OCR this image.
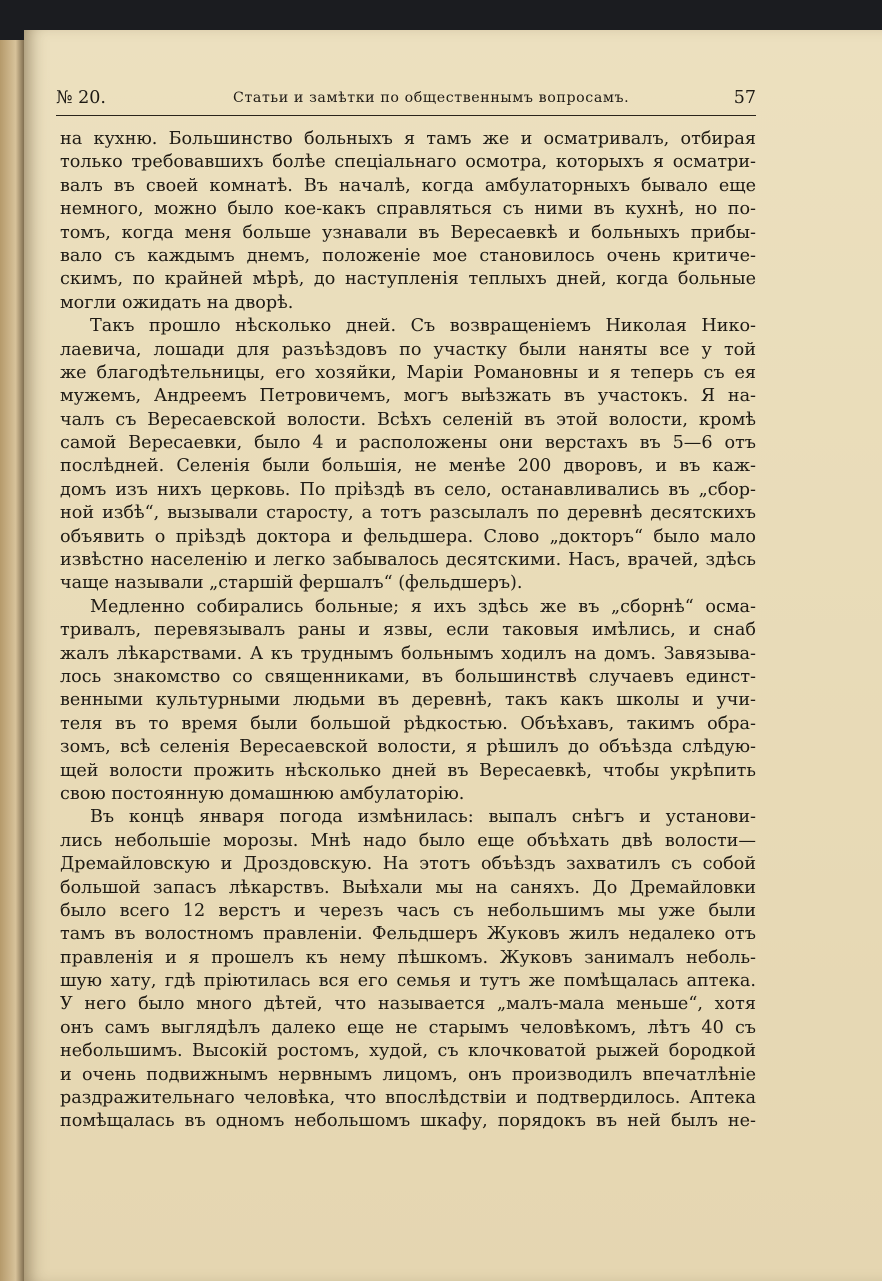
№ 20.	Статьи и замѣтки по общественнымъ вопросамъ.	57
на кухню. Большинство больныхъ я тамъ же и осматривалъ, отбирая
только требовавшихъ болѣе спеціальнаго осмотра, которыхъ я осматри-
валъ въ своей комнатѣ. Въ началѣ, когда амбулаторныхъ бывало еще
немного, можно было кое-какъ справляться съ ними въ кухнѣ, но по-
томъ, когда меня больше узнавали въ Вересаевкѣ и больныхъ прибы-
вало съ каждымъ днемъ, положеніе мое становилось очень критиче-
скимъ, по крайней мѣрѣ, до наступленія теплыхъ дней, когда больные
могли ожидать на дворѣ.
Такъ прошло нѣсколько дней. Съ возвращеніемъ Николая Нико-
лаевича, лошади для разъѣздовъ по участку были наняты все у той
же благодѣтельницы, его хозяйки, Маріи Романовны и я теперь съ ея
мужемъ, Андреемъ Петровичемъ, могъ выѣзжать въ участокъ. Я на-
чалъ съ Вересаевской волости. Всѣхъ селеній въ этой волости, кромѣ
самой Вересаевки, было 4 и расположены они верстахъ въ 5—6 отъ
послѣдней. Селенія были большія, не менѣе 200 дворовъ, и въ каж-
домъ изъ нихъ церковь. По пріѣздѣ въ село, останавливались въ „сбор-
ной избѣ“, вызывали старосту, а тотъ разсылалъ по деревнѣ десятскихъ
объявить о пріѣздѣ доктора и фельдшера. Слово „докторъ“ было мало
извѣстно населенію и легко забывалось десятскими. Насъ, врачей, здѣсь
чаще называли „старшій фершалъ“ (фельдшеръ).
Медленно собирались больные; я ихъ здѣсь же въ „сборнѣ“ осма-
тривалъ, перевязывалъ раны и язвы, если таковыя имѣлись, и снаб
жалъ лѣкарствами. А къ труднымъ больнымъ ходилъ на домъ. Завязыва-
лось знакомство со священниками, въ большинствѣ случаевъ единст-
венными культурными людьми въ деревнѣ, такъ какъ школы и учи-
теля въ то время были большой рѣдкостью. Объѣхавъ, такимъ обра-
зомъ, всѣ селенія Вересаевской волости, я рѣшилъ до объѣзда слѣдую-
щей волости прожить нѣсколько дней въ Вересаевкѣ, чтобы укрѣпить
свою постоянную домашнюю амбулаторію.
Въ концѣ января погода измѣнилась: выпалъ снѣгъ и установи-
лись небольшіе морозы. Мнѣ надо было еще объѣхать двѣ волости—
Дремайловскую и Дроздовскую. На этотъ объѣздъ захватилъ съ собой
большой запасъ лѣкарствъ. Выѣхали мы на саняхъ. До Дремайловки
было всего 12 верстъ и черезъ часъ съ небольшимъ мы уже были
тамъ въ волостномъ правленіи. Фельдшеръ Жуковъ жилъ недалеко отъ
правленія и я прошелъ къ нему пѣшкомъ. Жуковъ занималъ неболь-
шую хату, гдѣ пріютилась вся его семья и тутъ же помѣщалась аптека.
У него было много дѣтей, что называется „малъ-мала меньше“, хотя
онъ самъ выглядѣлъ далеко еще не старымъ человѣкомъ, лѣтъ 40 съ
небольшимъ. Высокій ростомъ, худой, съ клочковатой рыжей бородкой
и очень подвижнымъ нервнымъ лицомъ, онъ производилъ впечатлѣніе
раздражительнаго человѣка, что впослѣдствіи и подтвердилось. Аптека
помѣщалась въ одномъ небольшомъ шкафу, порядокъ въ ней былъ не-
